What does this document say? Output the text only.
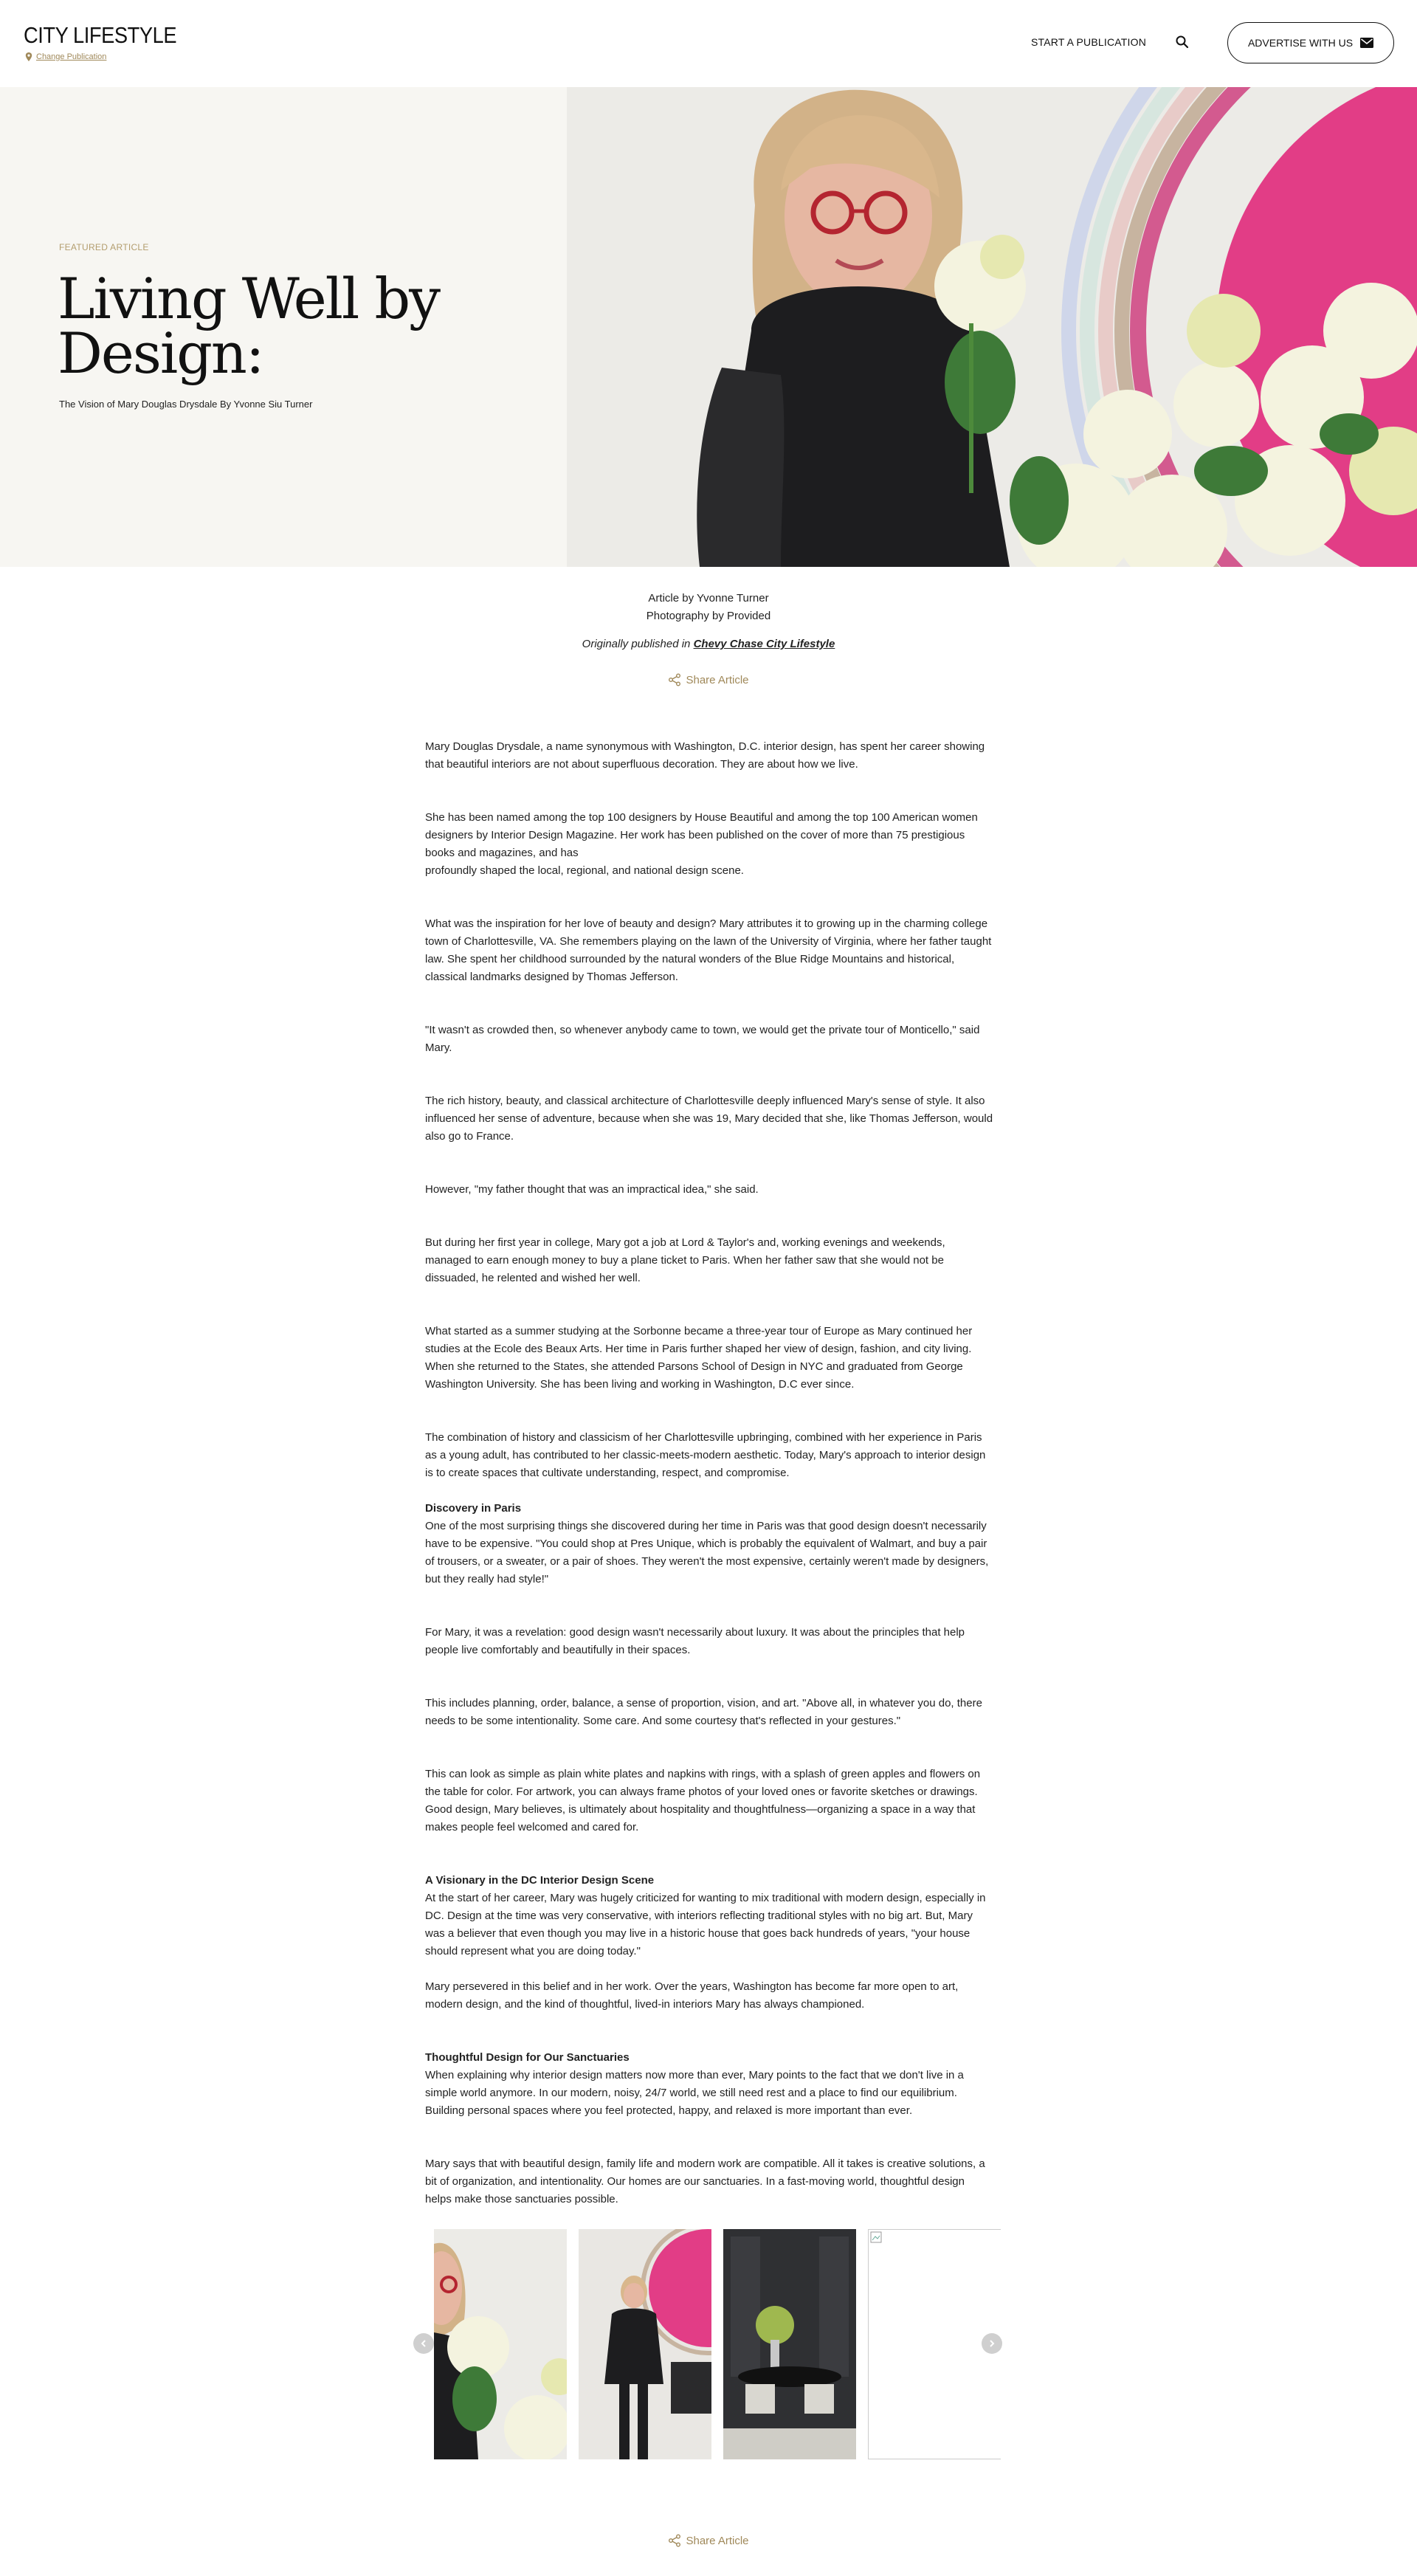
CITY LIFESTYLE
Change Publication
START A PUBLICATION	ADVERTISE WITH US
FEATURED ARTICLE
Living Well by Design:
The Vision of Mary Douglas Drysdale By Yvonne Siu Turner
Article by Yvonne Turner
Photography by Provided
Originally published in Chevy Chase City Lifestyle
Share Article

Mary Douglas Drysdale, a name synonymous with Washington, D.C. interior design, has spent her career showing that beautiful interiors are not about superfluous decoration. They are about how we live.

She has been named among the top 100 designers by House Beautiful and among the top 100 American women designers by Interior Design Magazine. Her work has been published on the cover of more than 75 prestigious books and magazines, and has

profoundly shaped the local, regional, and national design scene.

What was the inspiration for her love of beauty and design? Mary attributes it to growing up in the charming college town of Charlottesville, VA. She remembers playing on the lawn of the University of Virginia, where her father taught law. She spent her childhood surrounded by the natural wonders of the Blue Ridge Mountains and historical, classical landmarks designed by Thomas Jefferson.

"It wasn't as crowded then, so whenever anybody came to town, we would get the private tour of Monticello," said Mary.

The rich history, beauty, and classical architecture of Charlottesville deeply influenced Mary's sense of style. It also influenced her sense of adventure, because when she was 19, Mary decided that she, like Thomas Jefferson, would also go to France.

However, "my father thought that was an impractical idea," she said.

But during her first year in college, Mary got a job at Lord & Taylor's and, working evenings and weekends, managed to earn enough money to buy a plane ticket to Paris. When her father saw that she would not be dissuaded, he relented and wished her well.

What started as a summer studying at the Sorbonne became a three-year tour of Europe as Mary continued her studies at the Ecole des Beaux Arts. Her time in Paris further shaped her view of design, fashion, and city living. When she returned to the States, she attended Parsons School of Design in NYC and graduated from George Washington University. She has been living and working in Washington, D.C ever since.

The combination of history and classicism of her Charlottesville upbringing, combined with her experience in Paris as a young adult, has contributed to her classic-meets-modern aesthetic. Today, Mary's approach to interior design is to create spaces that cultivate understanding, respect, and compromise.

Discovery in Paris

One of the most surprising things she discovered during her time in Paris was that good design doesn't necessarily have to be expensive. "You could shop at Pres Unique, which is probably the equivalent of Walmart, and buy a pair of trousers, or a sweater, or a pair of shoes. They weren't the most expensive, certainly weren't made by designers, but they really had style!"

For Mary, it was a revelation: good design wasn't necessarily about luxury. It was about the principles that help people live comfortably and beautifully in their spaces.

This includes planning, order, balance, a sense of proportion, vision, and art. "Above all, in whatever you do, there needs to be some intentionality. Some care. And some courtesy that's reflected in your gestures."

This can look as simple as plain white plates and napkins with rings, with a splash of green apples and flowers on the table for color. For artwork, you can always frame photos of your loved ones or favorite sketches or drawings. Good design, Mary believes, is ultimately about hospitality and thoughtfulness—organizing a space in a way that makes people feel welcomed and cared for.

A Visionary in the DC Interior Design Scene

At the start of her career, Mary was hugely criticized for wanting to mix traditional with modern design, especially in DC. Design at the time was very conservative, with interiors reflecting traditional styles with no big art. But, Mary was a believer that even though you may live in a historic house that goes back hundreds of years, "your house should represent what you are doing today."

Mary persevered in this belief and in her work. Over the years, Washington has become far more open to art, modern design, and the kind of thoughtful, lived-in interiors Mary has always championed.

Thoughtful Design for Our Sanctuaries

When explaining why interior design matters now more than ever, Mary points to the fact that we don't live in a simple world anymore. In our modern, noisy, 24/7 world, we still need rest and a place to find our equilibrium. Building personal spaces where you feel protected, happy, and relaxed is more important than ever.

Mary says that with beautiful design, family life and modern work are compatible. All it takes is creative solutions, a bit of organization, and intentionality. Our homes are our sanctuaries. In a fast-moving world, thoughtful design helps make those sanctuaries possible.

Share Article
